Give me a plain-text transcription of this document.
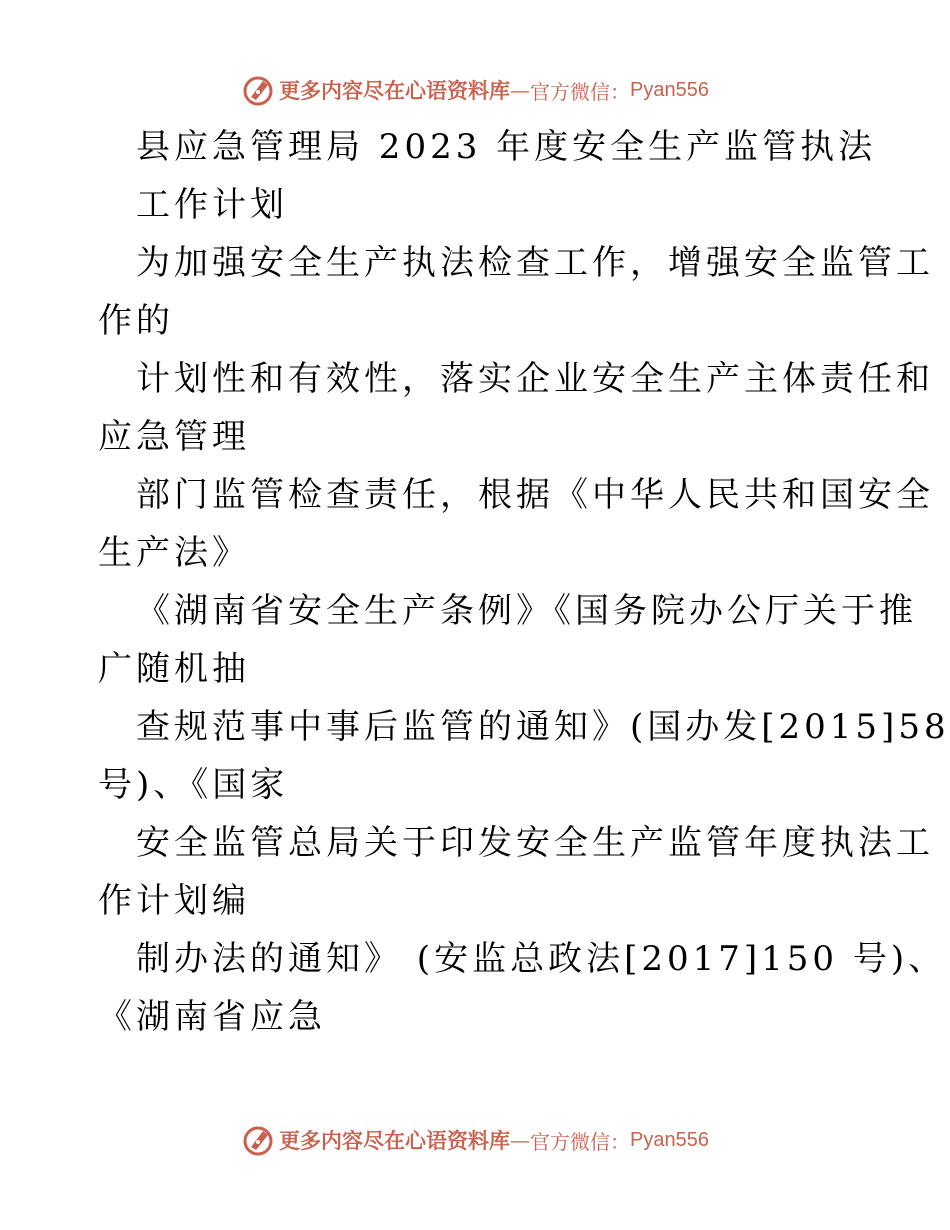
更多内容尽在心语资料库 — 官方微信： Pyan556
县应急管理局 2023 年度安全生产监管执法
工作计划
为加强安全生产执法检查工作，增强安全监管工
作的
计划性和有效性，落实企业安全生产主体责任和
应急管理
部门监管检查责任，根据《中华人民共和国安全
生产法》
《湖南省安全生产条例》《国务院办公厅关于推
广随机抽
查规范事中事后监管的通知》(国办发[2015]58
号)、《国家
安全监管总局关于印发安全生产监管年度执法工
作计划编
制办法的通知》 (安监总政法[2017]150 号)、
《湖南省应急
更多内容尽在心语资料库 — 官方微信： Pyan556
